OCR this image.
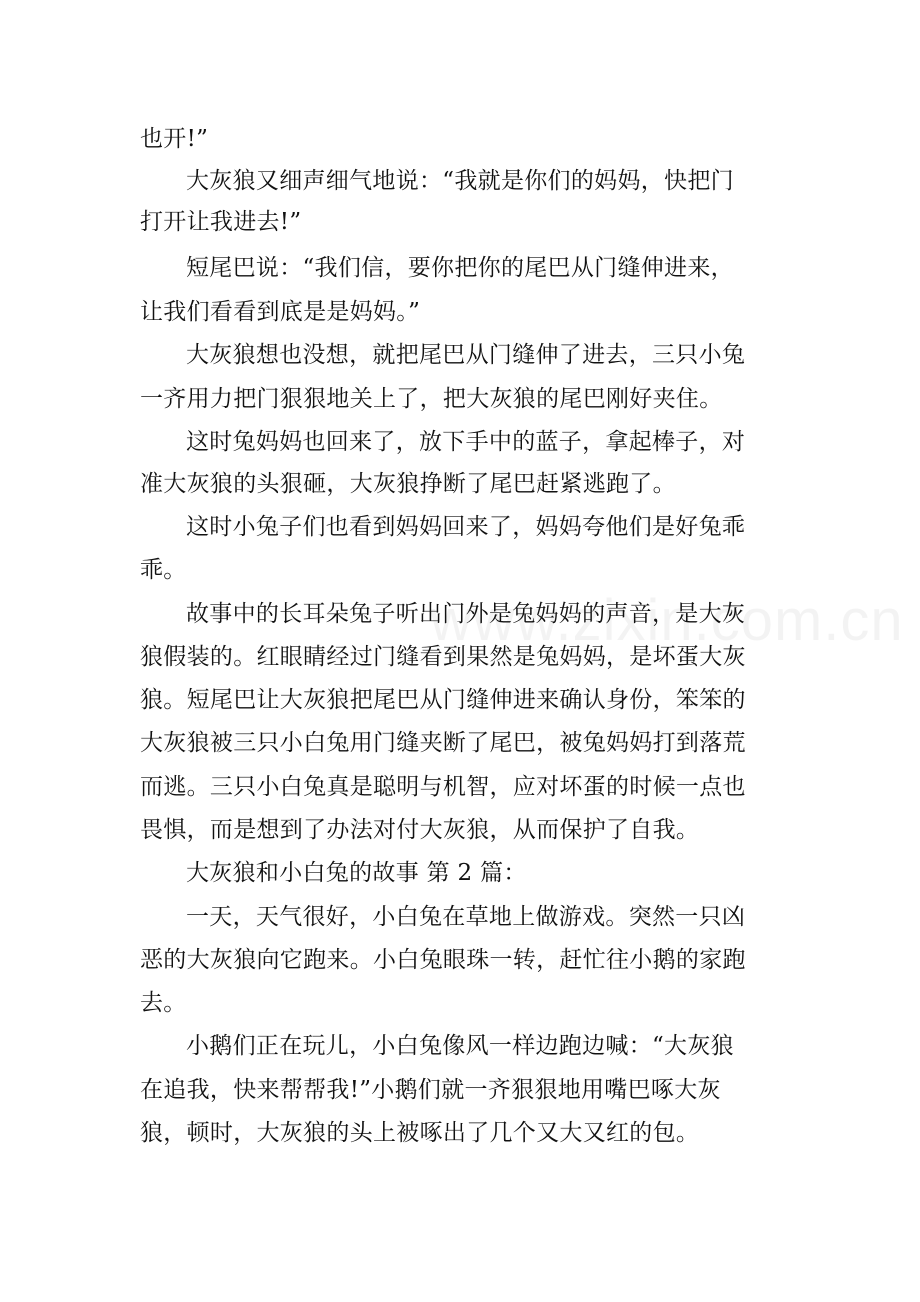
也开!”
大灰狼又细声细气地说：“我就是你们的妈妈，快把门
打开让我进去!”
短尾巴说：“我们信，要你把你的尾巴从门缝伸进来，
让我们看看到底是是妈妈。”
大灰狼想也没想，就把尾巴从门缝伸了进去，三只小兔
一齐用力把门狠狠地关上了，把大灰狼的尾巴刚好夹住。
这时兔妈妈也回来了，放下手中的蓝子，拿起棒子，对
准大灰狼的头狠砸，大灰狼挣断了尾巴赶紧逃跑了。
这时小兔子们也看到妈妈回来了，妈妈夸他们是好兔乖
乖。
故事中的长耳朵兔子听出门外是兔妈妈的声音，是大灰
狼假装的。红眼睛经过门缝看到果然是兔妈妈，是坏蛋大灰
狼。短尾巴让大灰狼把尾巴从门缝伸进来确认身份，笨笨的
大灰狼被三只小白兔用门缝夹断了尾巴，被兔妈妈打到落荒
而逃。三只小白兔真是聪明与机智，应对坏蛋的时候一点也
畏惧，而是想到了办法对付大灰狼，从而保护了自我。
大灰狼和小白兔的故事 第 2 篇：
一天，天气很好，小白兔在草地上做游戏。突然一只凶
恶的大灰狼向它跑来。小白兔眼珠一转，赶忙往小鹅的家跑
去。
小鹅们正在玩儿，小白兔像风一样边跑边喊：“大灰狼
在追我，快来帮帮我!”小鹅们就一齐狠狠地用嘴巴啄大灰
狼，顿时，大灰狼的头上被啄出了几个又大又红的包。
